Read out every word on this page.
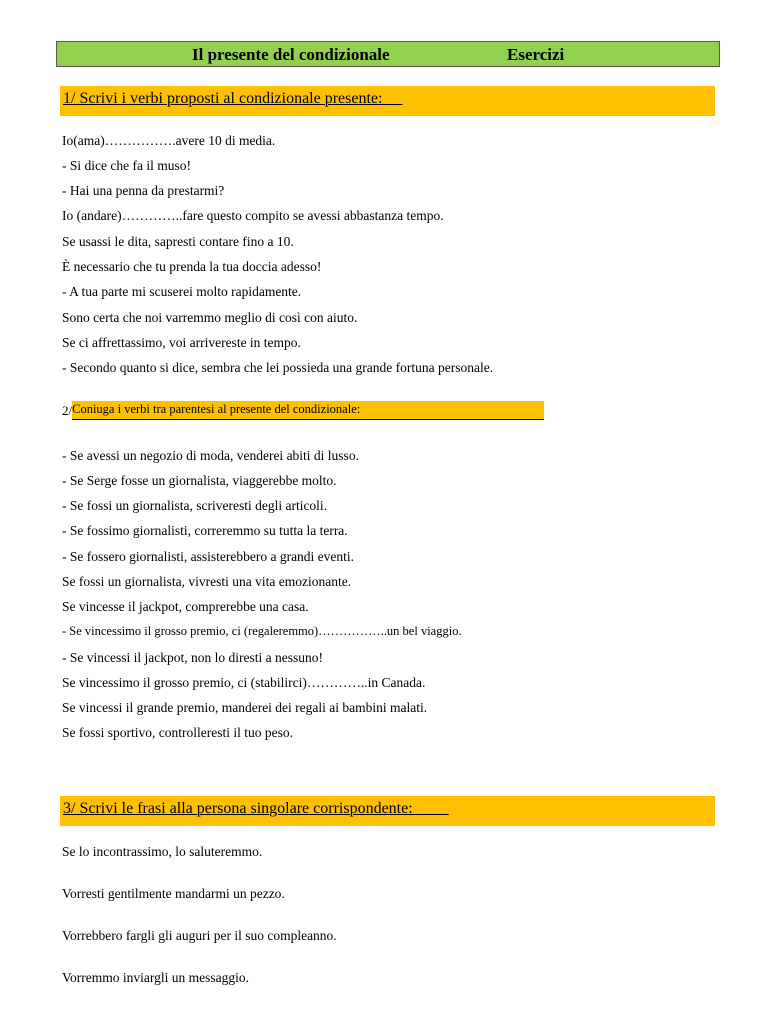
Il presente del condizionale	Esercizi
1/ Scrivi i verbi proposti al condizionale presente:
Io(ama)…………….avere 10 di media.
- Si dice che fa il muso!
- Hai una penna da prestarmi?
Io (andare)…………..fare questo compito se avessi abbastanza tempo.
Se usassi le dita, sapresti contare fino a 10.
È necessario che tu prenda la tua doccia adesso!
- A tua parte mi scuserei molto rapidamente.
Sono certa che noi varremmo meglio di così con aiuto.
Se ci affrettassimo, voi arrivereste in tempo.
- Secondo quanto si dice, sembra che lei possieda una grande fortuna personale.
2/Coniuga i verbi tra parentesi al presente del condizionale:
- Se avessi un negozio di moda, venderei abiti di lusso.
- Se Serge fosse un giornalista, viaggerebbe molto.
- Se fossi un giornalista, scriveresti degli articoli.
- Se fossimo giornalisti, correremmo su tutta la terra.
- Se fossero giornalisti, assisterebbero a grandi eventi.
Se fossi un giornalista, vivresti una vita emozionante.
Se vincesse il jackpot, comprerebbe una casa.
- Se vincessimo il grosso premio, ci (regaleremmo)……………..un bel viaggio.
- Se vincessi il jackpot, non lo diresti a nessuno!
Se vincessimo il grosso premio, ci (stabilirci)…………..in Canada.
Se vincessi il grande premio, manderei dei regali ai bambini malati.
Se fossi sportivo, controlleresti il tuo peso.
3/ Scrivi le frasi alla persona singolare corrispondente:
Se lo incontrassimo, lo saluteremmo.
Vorresti gentilmente mandarmi un pezzo.
Vorrebbero fargli gli auguri per il suo compleanno.
Vorremmo inviargli un messaggio.
